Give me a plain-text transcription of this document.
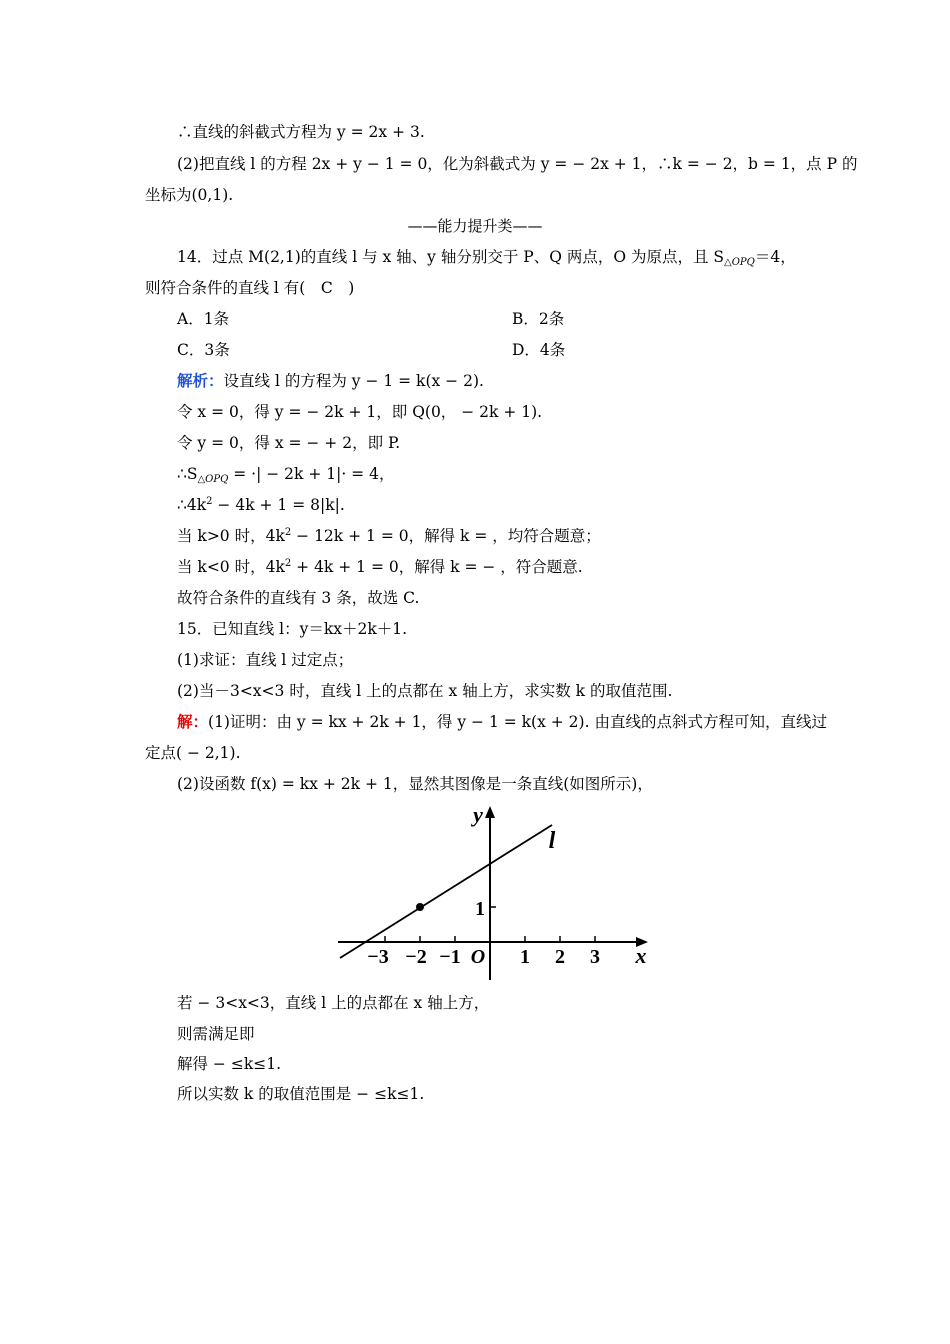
∴直线的斜截式方程为 y = 2x + 3.
(2)把直线 l 的方程 2x + y − 1 = 0，化为斜截式为 y = − 2x + 1，∴k = − 2，b = 1，点 P 的
坐标为(0,1).
——能力提升类——
14．过点 M(2,1)的直线 l 与 x 轴、y 轴分别交于 P、Q 两点，O 为原点，且 $S_{\triangle OPQ}=4$，
则符合条件的直线 l 有(　C　)
A．1条	B．2条
C．3条	D．4条
解析：设直线 l 的方程为 y − 1 = k(x − 2).
令 x = 0，得 y = − 2k + 1，即 Q(0， − 2k + 1).
令 y = 0，得 x = − + 2，即 P.
$\therefore S_{\triangle OPQ}$ = ·| − 2k + 1|· = 4，
$\therefore 4k^2 - 4k + 1 = 8|k|$.
当 k>0 时，$4k^2 - 12k + 1 = 0$，解得 k = ，均符合题意；
当 k<0 时，$4k^2 + 4k + 1 = 0$，解得 k = − ，符合题意.
故符合条件的直线有 3 条，故选 C.
15．已知直线 l：y＝kx＋2k＋1.
(1)求证：直线 l 过定点；
(2)当－3<x<3 时，直线 l 上的点都在 x 轴上方，求实数 k 的取值范围.
解：(1)证明：由 y = kx + 2k + 1，得 y − 1 = k(x + 2). 由直线的点斜式方程可知，直线过
定点( − 2,1).
(2)设函数 f(x) = kx + 2k + 1，显然其图像是一条直线(如图所示)，
−3 −2 −1 O 1 2 3 x
1
y
l
若 − 3<x<3，直线 l 上的点都在 x 轴上方，
则需满足即
解得 − ≤k≤1.
所以实数 k 的取值范围是 − ≤k≤1.
